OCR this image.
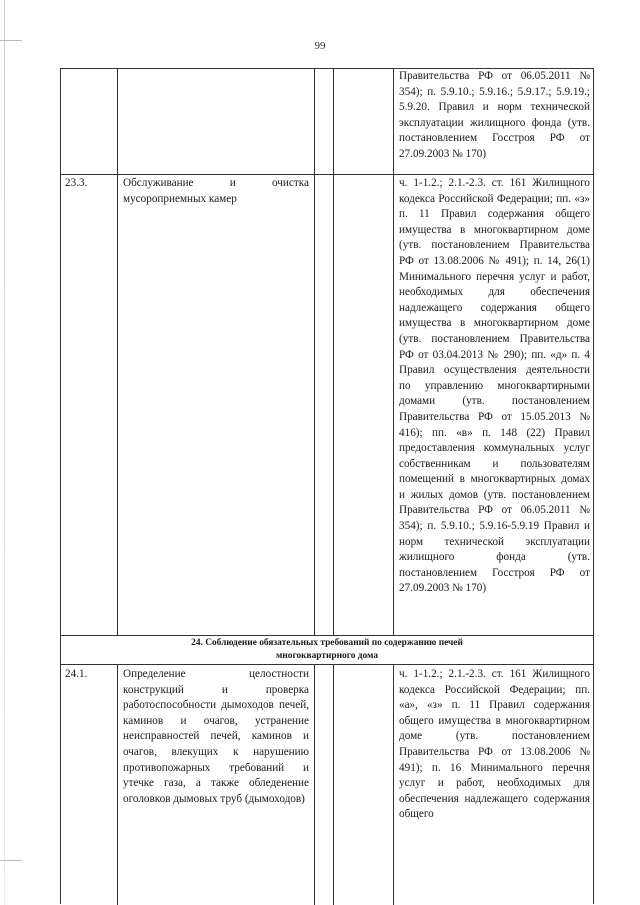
99
Правительства РФ от 06.05.2011 № 354); п. 5.9.10.; 5.9.16.; 5.9.17.; 5.9.19.; 5.9.20. Правил и норм технической эксплуатации жилищного фонда (утв. постановлением Госстроя РФ от 27.09.2003 № 170)
23.3.	Обслуживание и очистка мусороприемных камер
ч. 1-1.2.; 2.1.-2.3. ст. 161 Жилищного кодекса Российской Федерации; пп. «з» п. 11 Правил содержания общего имущества в многоквартирном доме (утв. постановлением Правительства РФ от 13.08.2006 № 491); п. 14, 26(1) Минимального перечня услуг и работ, необходимых для обеспечения надлежащего содержания общего имущества в многоквартирном доме (утв. постановлением Правительства РФ от 03.04.2013 № 290); пп. «д» п. 4 Правил осуществления деятельности по управлению многоквартирными домами (утв. постановлением Правительства РФ от 15.05.2013 № 416); пп. «в» п. 148 (22) Правил предоставления коммунальных услуг собственникам и пользователям помещений в многоквартирных домах и жилых домов (утв. постановлением Правительства РФ от 06.05.2011 № 354); п. 5.9.10.; 5.9.16-5.9.19 Правил и норм технической эксплуатации жилищного фонда (утв. постановлением Госстроя РФ от 27.09.2003 № 170)
24. Соблюдение обязательных требований по содержанию печей
многоквартирного дома
24.1.	Определение целостности конструкций и проверка работоспособности дымоходов печей, каминов и очагов, устранение неисправностей печей, каминов и очагов, влекущих к нарушению противопожарных требований и утечке газа, а также обледенение оголовков дымовых труб (дымоходов)
ч. 1-1.2.; 2.1.-2.3. ст. 161 Жилищного кодекса Российской Федерации; пп. «а», «з» п. 11 Правил содержания общего имущества в многоквартирном доме (утв. постановлением Правительства РФ от 13.08.2006 № 491); п. 16 Минимального перечня услуг и работ, необходимых для обеспечения надлежащего содержания общего
